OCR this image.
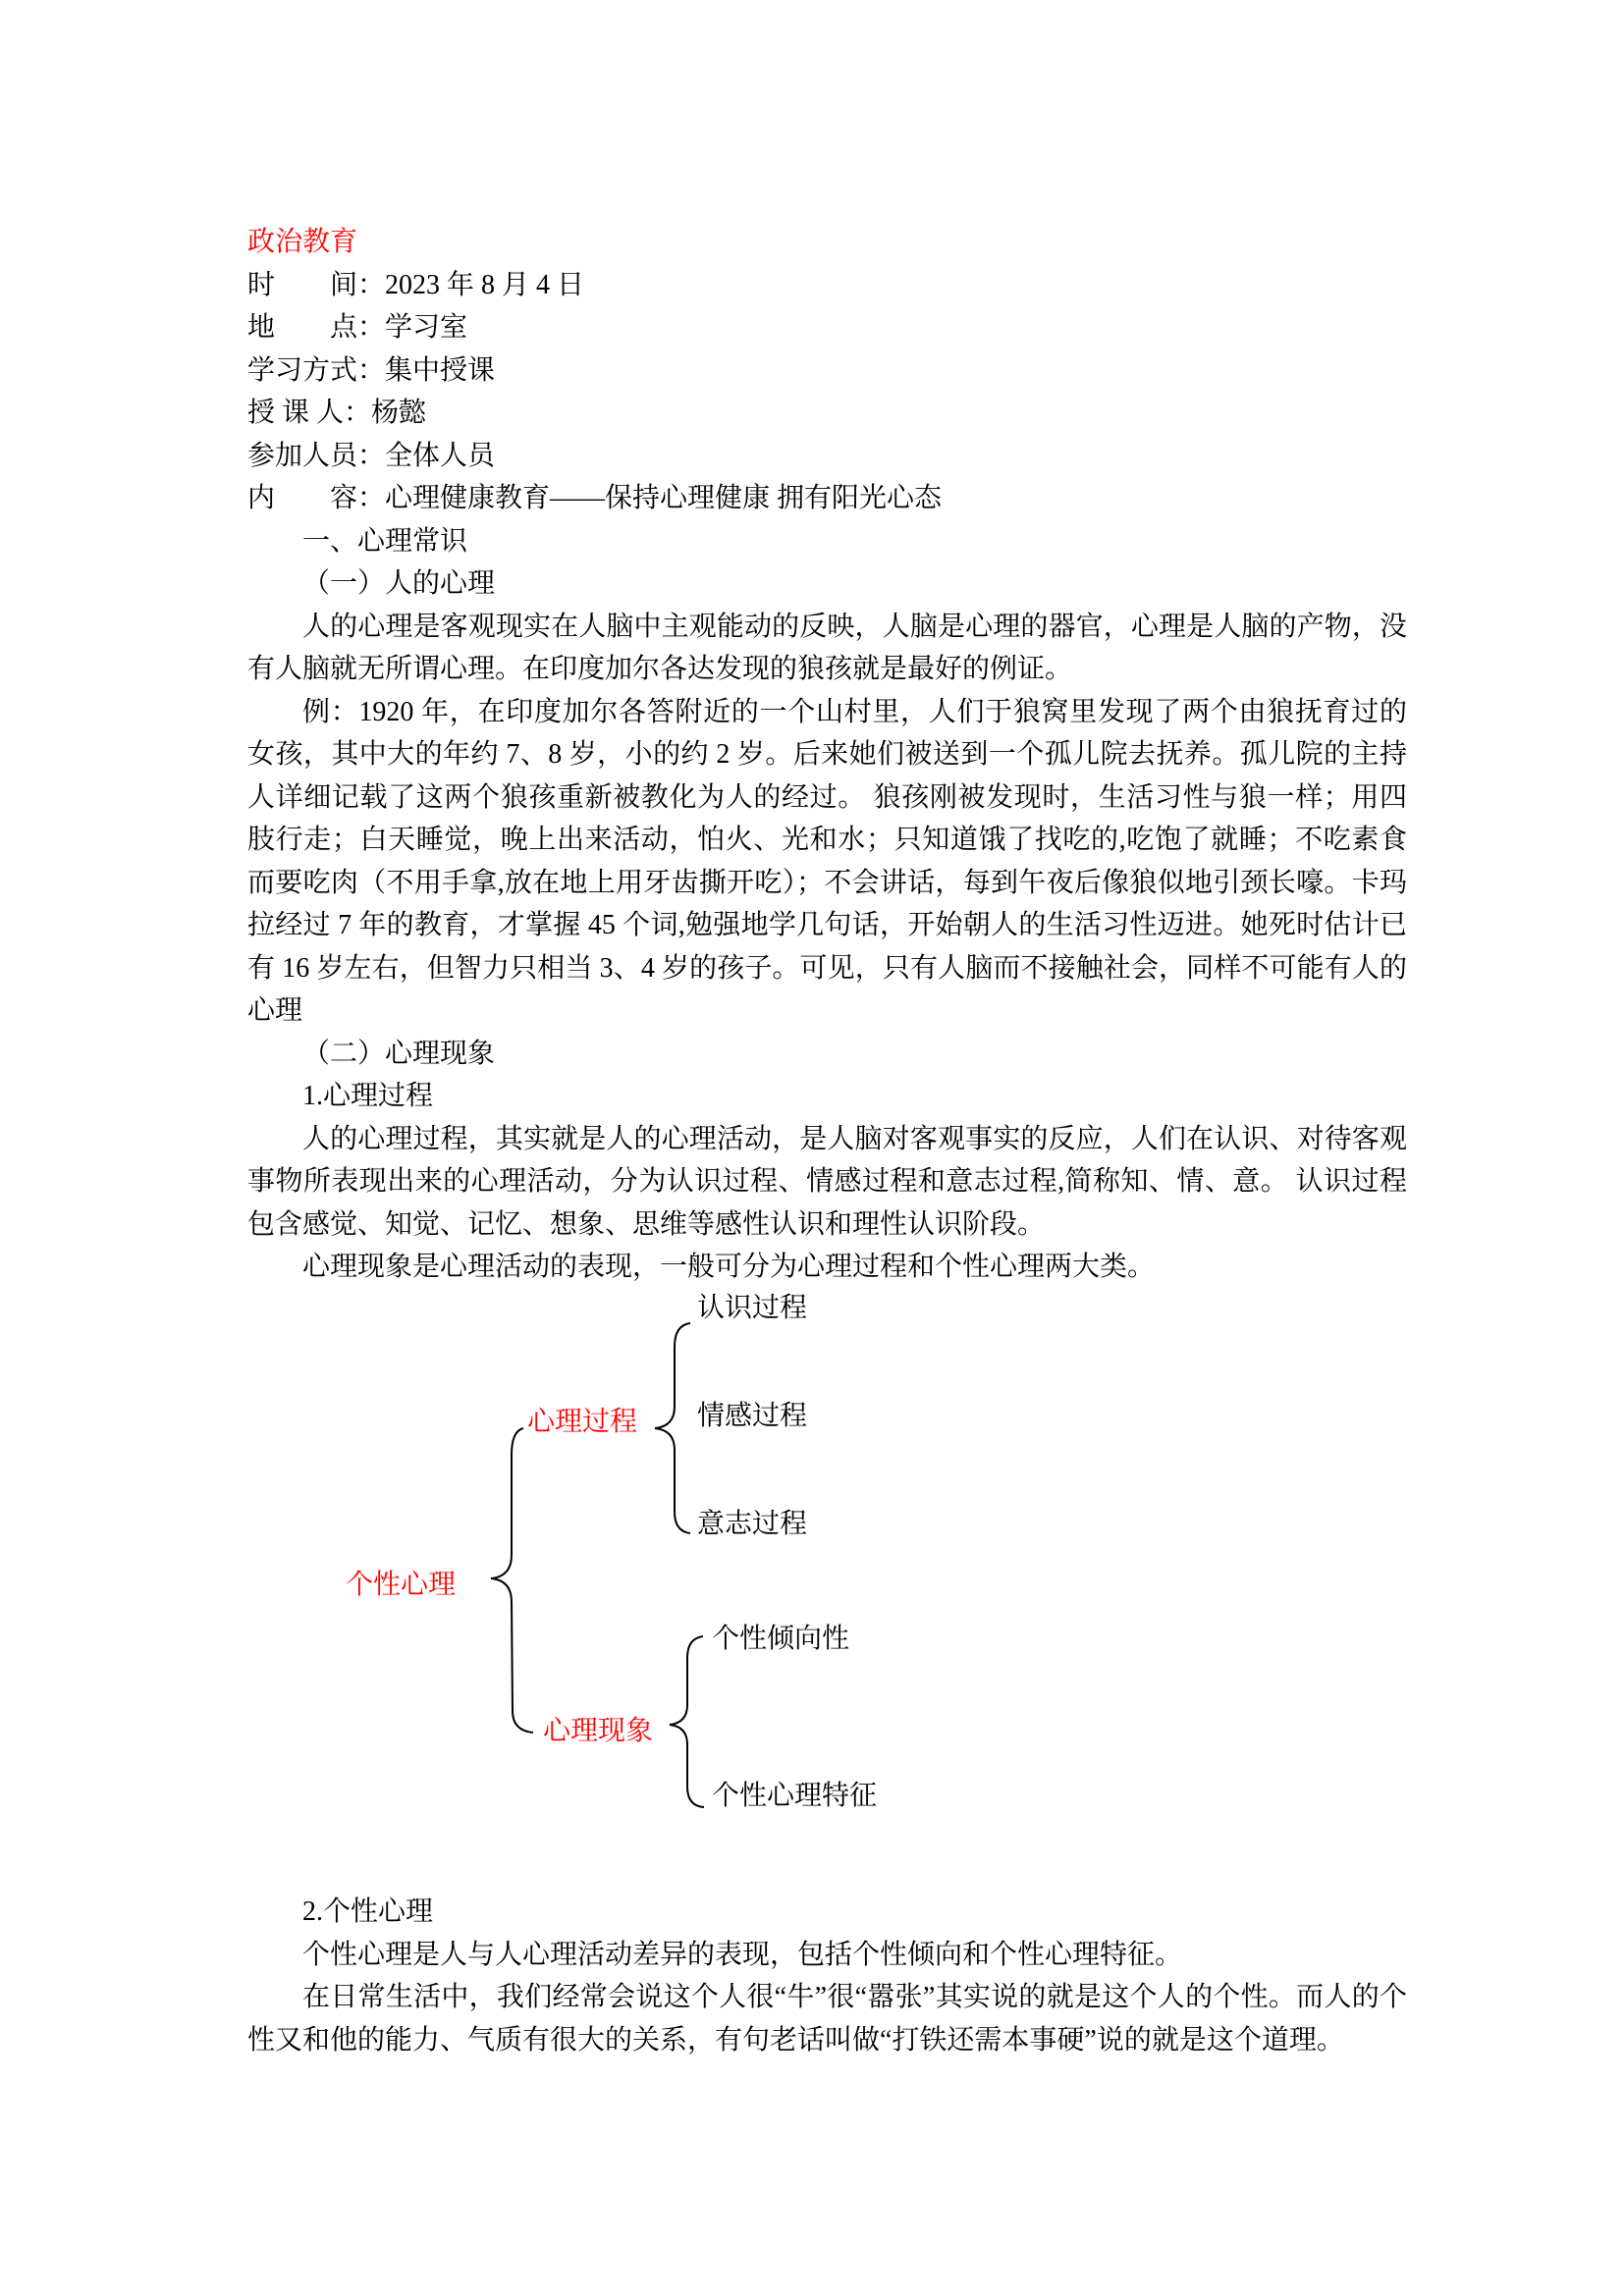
政治教育
时　　间：2023 年 8 月 4 日
地　　点：学习室
学习方式：集中授课
授 课 人：杨懿
参加人员：全体人员
内　　容：心理健康教育——保持心理健康 拥有阳光心态
一、心理常识
（一）人的心理

人的心理是客观现实在人脑中主观能动的反映，人脑是心理的器官，心理是人脑的产物，没有人脑就无所谓心理。在印度加尔各达发现的狼孩就是最好的例证。

例：1920 年，在印度加尔各答附近的一个山村里，人们于狼窝里发现了两个由狼抚育过的女孩，其中大的年约 7、8 岁，小的约 2 岁。后来她们被送到一个孤儿院去抚养。孤儿院的主持人详细记载了这两个狼孩重新被教化为人的经过。 狼孩刚被发现时，生活习性与狼一样；用四肢行走；白天睡觉，晚上出来活动，怕火、光和水；只知道饿了找吃的,吃饱了就睡；不吃素食而要吃肉（不用手拿,放在地上用牙齿撕开吃）；不会讲话，每到午夜后像狼似地引颈长嚎。卡玛拉经过 7 年的教育，才掌握 45 个词,勉强地学几句话，开始朝人的生活习性迈进。她死时估计已有 16 岁左右，但智力只相当 3、4 岁的孩子。可见，只有人脑而不接触社会，同样不可能有人的心理

（二）心理现象
1.心理过程

人的心理过程，其实就是人的心理活动，是人脑对客观事实的反应，人们在认识、对待客观事物所表现出来的心理活动，分为认识过程、情感过程和意志过程,简称知、情、意。 认识过程包含感觉、知觉、记忆、想象、思维等感性认识和理性认识阶段。

心理现象是心理活动的表现，一般可分为心理过程和个性心理两大类。

认识过程
情感过程
意志过程
心理过程
个性心理
心理现象
个性倾向性
个性心理特征
2.个性心理

个性心理是人与人心理活动差异的表现，包括个性倾向和个性心理特征。

在日常生活中，我们经常会说这个人很“牛”很“嚣张”其实说的就是这个人的个性。而人的个性又和他的能力、气质有很大的关系，有句老话叫做“打铁还需本事硬”说的就是这个道理。
